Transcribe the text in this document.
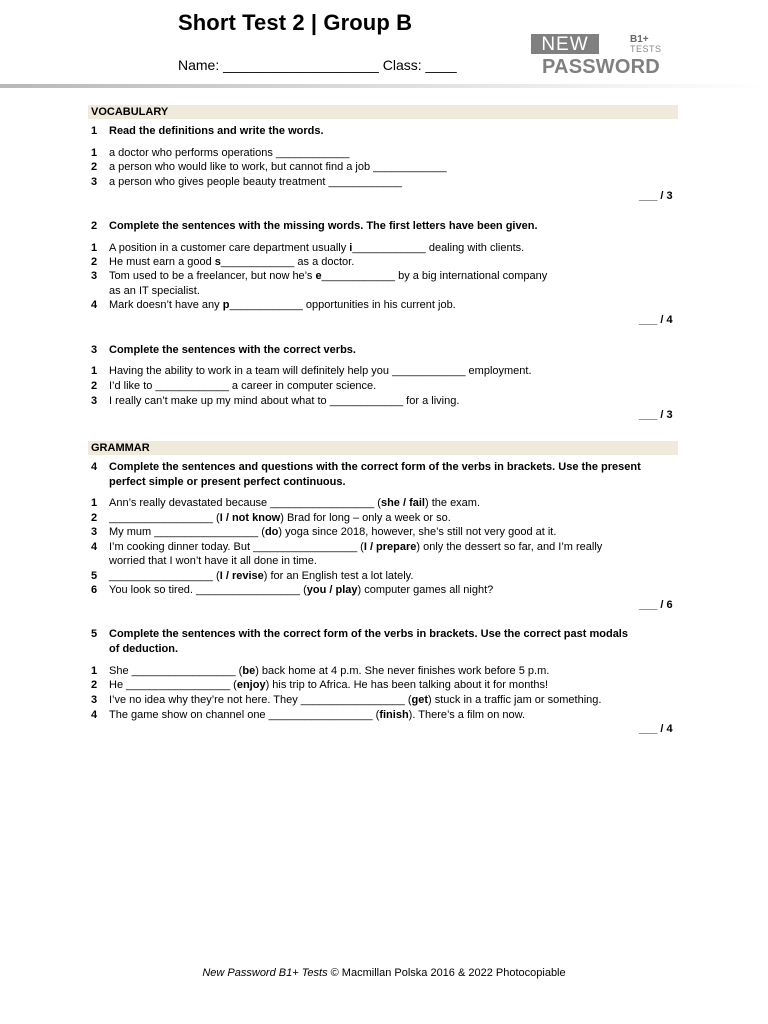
Short Test 2 | Group B
Name: ____________________ Class: ____
NEW	B1+
TESTS
PASSWORD
VOCABULARY
1 Read the definitions and write the words.
1 a doctor who performs operations ____________
2 a person who would like to work, but cannot find a job ____________
3 a person who gives people beauty treatment ____________
___ / 3
2 Complete the sentences with the missing words. The first letters have been given.
1 A position in a customer care department usually i____________ dealing with clients.
2 He must earn a good s____________ as a doctor.
3 Tom used to be a freelancer, but now he’s e____________ by a big international company
as an IT specialist.
4 Mark doesn’t have any p____________ opportunities in his current job.
___ / 4
3 Complete the sentences with the correct verbs.
1 Having the ability to work in a team will definitely help you ____________ employment.
2 I’d like to ____________ a career in computer science.
3 I really can’t make up my mind about what to ____________ for a living.
___ / 3
GRAMMAR
4 Complete the sentences and questions with the correct form of the verbs in brackets. Use the present
perfect simple or present perfect continuous.
1 Ann’s really devastated because _________________ (she / fail) the exam.
2 _________________ (I / not know) Brad for long – only a week or so.
3 My mum _________________ (do) yoga since 2018, however, she’s still not very good at it.
4 I’m cooking dinner today. But _________________ (I / prepare) only the dessert so far, and I’m really
worried that I won’t have it all done in time.
5 _________________ (I / revise) for an English test a lot lately.
6 You look so tired. _________________ (you / play) computer games all night?
___ / 6
5 Complete the sentences with the correct form of the verbs in brackets. Use the correct past modals
of deduction.
1 She _________________ (be) back home at 4 p.m. She never finishes work before 5 p.m.
2 He _________________ (enjoy) his trip to Africa. He has been talking about it for months!
3 I’ve no idea why they’re not here. They _________________ (get) stuck in a traffic jam or something.
4 The game show on channel one _________________ (finish). There’s a film on now.
___ / 4
New Password B1+ Tests © Macmillan Polska 2016 & 2022 Photocopiable
